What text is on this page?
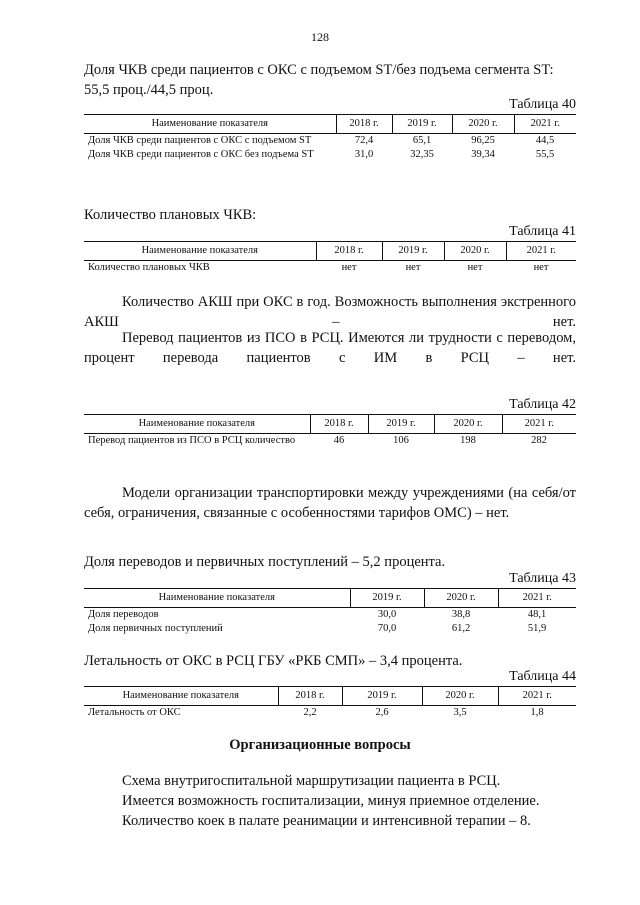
128
Доля ЧКВ среди пациентов с ОКС с подъемом ST/без подъема сегмента ST: 55,5 проц./44,5 проц.
Таблица 40
Наименование показателя	2018 г.	2019 г.	2020 г.	2021 г.
Доля ЧКВ среди пациентов с ОКС с подъемом ST	72,4	65,1	96,25	44,5
Доля ЧКВ среди пациентов с ОКС без подъема ST	31,0	32,35	39,34	55,5
Количество плановых ЧКВ:
Таблица 41
Наименование показателя	2018 г.	2019 г.	2020 г.	2021 г.
Количество плановых ЧКВ	нет	нет	нет	нет
Количество АКШ при ОКС в год. Возможность выполнения экстренного АКШ – нет.
Перевод пациентов из ПСО в РСЦ. Имеются ли трудности с переводом, процент перевода пациентов с ИМ в РСЦ – нет.
Таблица 42
Наименование показателя	2018 г.	2019 г.	2020 г.	2021 г.
Перевод пациентов из ПСО в РСЦ количество	46	106	198	282
Модели организации транспортировки между учреждениями (на себя/от себя, ограничения, связанные с особенностями тарифов ОМС) – нет.
Доля переводов и первичных поступлений – 5,2 процента.
Таблица 43
Наименование показателя	2019 г.	2020 г.	2021 г.
Доля переводов	30,0	38,8	48,1
Доля первичных поступлений	70,0	61,2	51,9
Летальность от ОКС в РСЦ ГБУ «РКБ СМП» – 3,4 процента.
Таблица 44
Наименование показателя	2018 г.	2019 г.	2020 г.	2021 г.
Летальность от ОКС	2,2	2,6	3,5	1,8
Организационные вопросы
Схема внутригоспитальной маршрутизации пациента в РСЦ.
Имеется возможность госпитализации, минуя приемное отделение.
Количество коек в палате реанимации и интенсивной терапии – 8.
